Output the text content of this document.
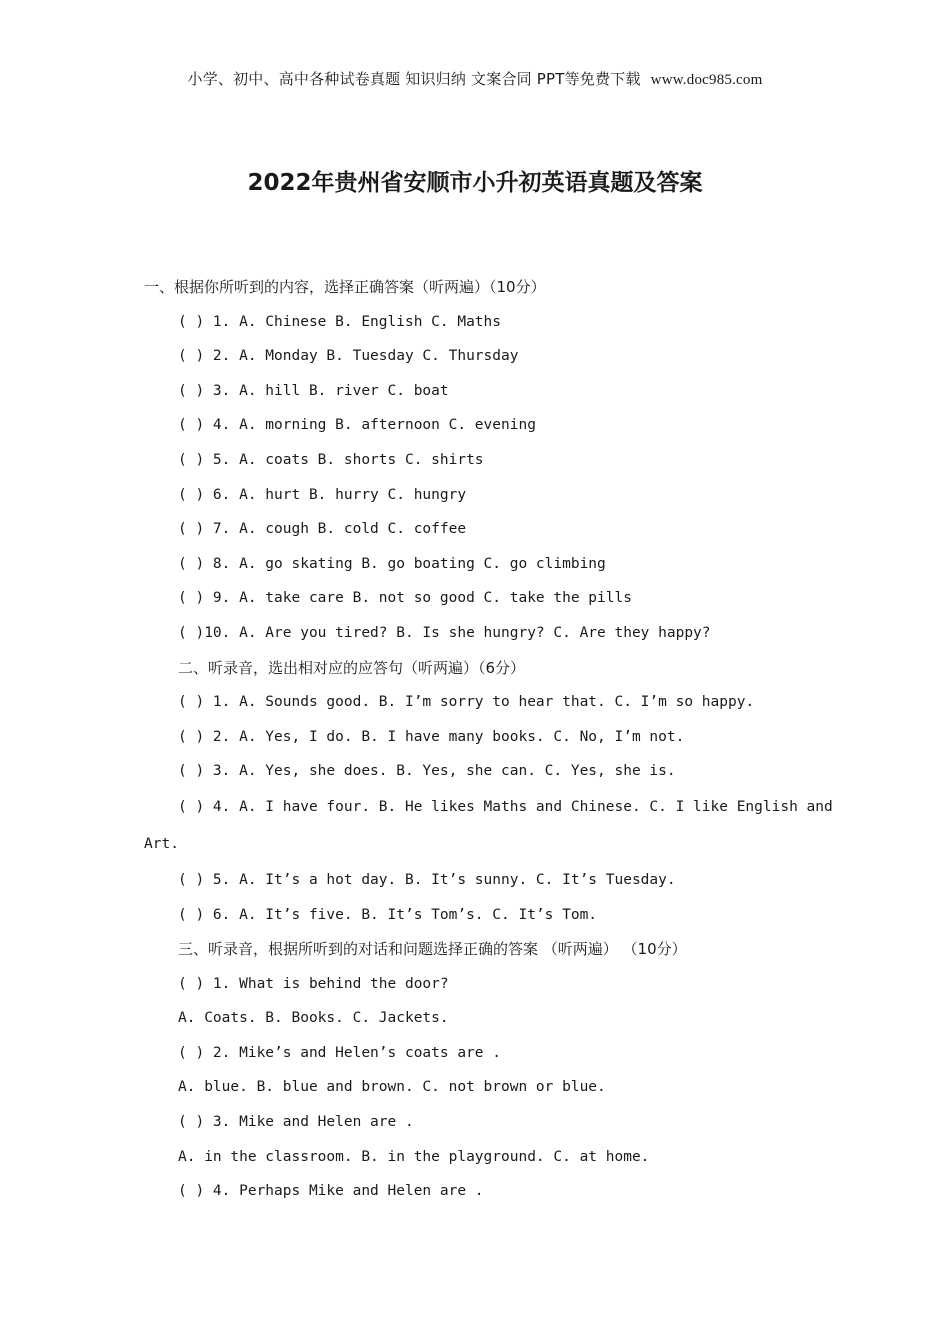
小学、初中、高中各种试卷真题 知识归纳 文案合同 PPT等免费下载 www.doc985.com
2022年贵州省安顺市小升初英语真题及答案
一、根据你所听到的内容，选择正确答案（听两遍）（10分）
( ) 1. A. Chinese B. English C. Maths
( ) 2. A. Monday B. Tuesday C. Thursday
( ) 3. A. hill B. river C. boat
( ) 4. A. morning B. afternoon C. evening
( ) 5. A. coats B. shorts C. shirts
( ) 6. A. hurt B. hurry C. hungry
( ) 7. A. cough B. cold C. coffee
( ) 8. A. go skating B. go boating C. go climbing
( ) 9. A. take care B. not so good C. take the pills
( )10. A. Are you tired? B. Is she hungry? C. Are they happy?
二、听录音，选出相对应的应答句（听两遍）（6分）
( ) 1. A. Sounds good. B. I’m sorry to hear that. C. I’m so happy.
( ) 2. A. Yes, I do. B. I have many books. C. No, I’m not.
( ) 3. A. Yes, she does. B. Yes, she can. C. Yes, she is.
( ) 4. A. I have four. B. He likes Maths and Chinese. C. I like English and
Art.
( ) 5. A. It’s a hot day. B. It’s sunny. C. It’s Tuesday.
( ) 6. A. It’s five. B. It’s Tom’s. C. It’s Tom.
三、听录音，根据所听到的对话和问题选择正确的答案 （听两遍） （10分）
( ) 1. What is behind the door?
A. Coats. B. Books. C. Jackets.
( ) 2. Mike’s and Helen’s coats are .
A. blue. B. blue and brown. C. not brown or blue.
( ) 3. Mike and Helen are .
A. in the classroom. B. in the playground. C. at home.
( ) 4. Perhaps Mike and Helen are .
